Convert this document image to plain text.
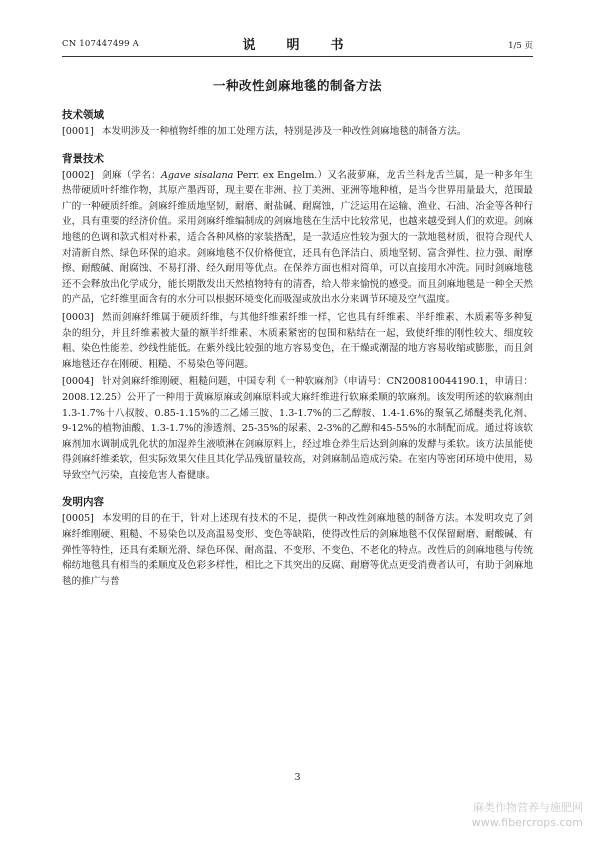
CN 107447499 A	说　明　书	1/5 页
一种改性剑麻地毯的制备方法
技术领域

[0001] 本发明涉及一种植物纤维的加工处理方法，特别是涉及一种改性剑麻地毯的制备方法。

背景技术

[0002] 剑麻（学名：Agave sisalana Perr. ex Engelm.）又名菠萝麻，龙舌兰科龙舌兰属，是一种多年生热带硬质叶纤维作物，其原产墨西哥，现主要在非洲、拉丁美洲、亚洲等地种植，是当今世界用量最大，范围最广的一种硬质纤维。剑麻纤维质地坚韧，耐磨、耐盐碱、耐腐蚀，广泛运用在运输、渔业、石油、冶金等各种行业，具有重要的经济价值。采用剑麻纤维编制成的剑麻地毯在生活中比较常见，也越来越受到人们的欢迎。剑麻地毯的色调和款式相对朴素，适合各种风格的家装搭配，是一款适应性较为强大的一款地毯材质，很符合现代人对清新自然、绿色环保的追求。剑麻地毯不仅价格便宜，还具有色泽洁白、质地坚韧、富含弹性、拉力强、耐摩擦、耐酸碱、耐腐蚀、不易打滑、经久耐用等优点。在保养方面也相对简单，可以直接用水冲洗。同时剑麻地毯还不会释放出化学成分，能长期散发出天然植物特有的清香，给人带来愉悦的感受。而且剑麻地毯是一种全天然的产品，它纤维里面含有的水分可以根据环境变化而吸湿或放出水分来调节环境及空气温度。

[0003] 然而剑麻纤维属于硬质纤维，与其他纤维素纤维一样，它也具有纤维素、半纤维素、木质素等多种复杂的组分，并且纤维素被大量的额半纤维素、木质素紧密的包围和粘结在一起，致使纤维的刚性较大、细度较粗、染色性能差、纱线性能低。在紫外线比较强的地方容易变色，在干燥或潮湿的地方容易收缩或膨胀，而且剑麻地毯还存在刚硬、粗糙、不易染色等问题。

[0004] 针对剑麻纤维刚硬、粗糙问题，中国专利《一种软麻剂》（申请号：CN200810044190.1，申请日：2008.12.25）公开了一种用于黄麻原麻或剑麻原料或大麻纤维进行软麻柔顺的软麻剂。该发明所述的软麻剂由1.3-1.7%十八叔胺、0.85-1.15%的二乙烯三胺、1.3-1.7%的二乙醇胺、1.4-1.6%的聚氧乙烯醚类乳化剂、9-12%的植物油酸、1.3-1.7%的渗透剂、25-35%的尿素、2-3%的乙醇和45-55%的水制配而成。通过将该软麻剂加水调制成乳化状的加湿养生液喷淋在剑麻原料上，经过堆仓养生后达到剑麻的发酵与柔软。该方法虽能使得剑麻纤维柔软，但实际效果欠佳且其化学品残留量较高，对剑麻制品造成污染。在室内等密闭环境中使用，易导致空气污染，直接危害人畜健康。

发明内容

[0005] 本发明的目的在于，针对上述现有技术的不足，提供一种改性剑麻地毯的制备方法。本发明攻克了剑麻纤维刚硬、粗糙、不易染色以及高温易变形、变色等缺陷，使得改性后的剑麻地毯不仅保留耐磨、耐酸碱、有弹性等特性，还具有柔顺光滑、绿色环保、耐高温、不变形、不变色、不老化的特点。改性后的剑麻地毯与传统棉纺地毯具有相当的柔顺度及色彩多样性，相比之下其突出的反腐、耐磨等优点更受消费者认可，有助于剑麻地毯的推广与普

3
麻类作物营养与施肥网
www.fibercrops.com
